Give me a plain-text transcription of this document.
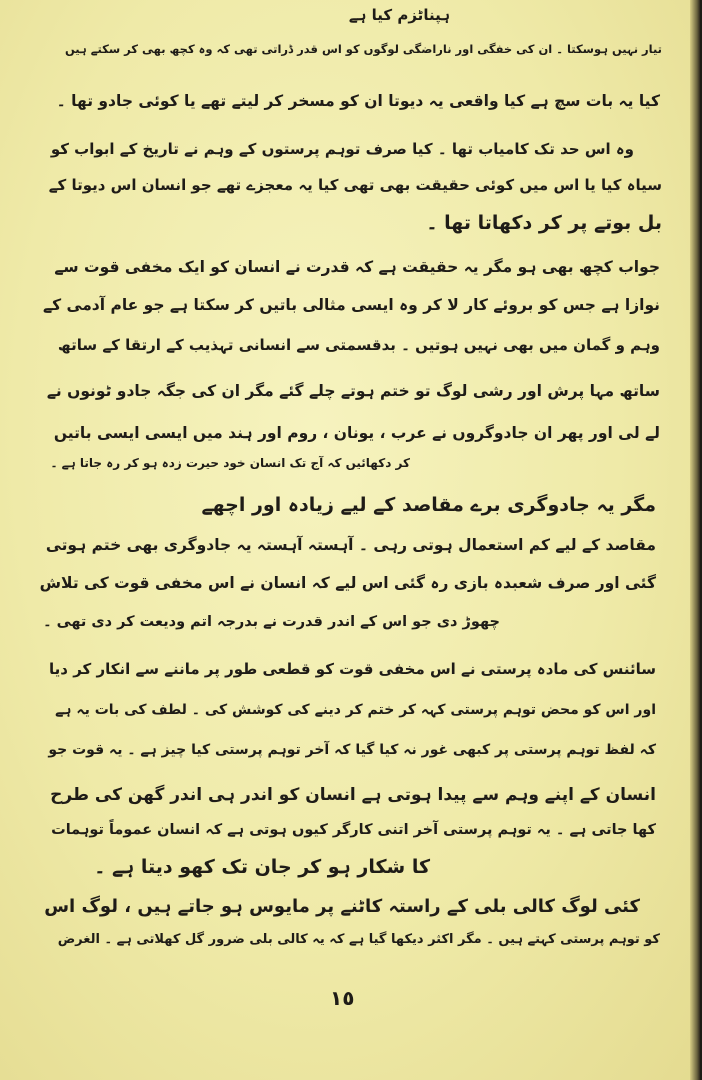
ہپناٹزم کیا ہے
تیار نہیں ہوسکتا ۔ ان کی خفگی اور ناراضگی لوگوں کو اس قدر ڈراتی تھی کہ وہ کچھ بھی کر سکتے ہیں
کیا یہ بات سچ ہے کیا واقعی یہ دیوتا ان کو مسخر کر لیتے تھے یا کوئی جادو تھا ۔
وہ اس حد تک کامیاب تھا ۔ کیا صرف توہم پرستوں کے وہم نے تاریخ کے ابواب کو
سیاہ کیا یا اس میں کوئی حقیقت بھی تھی کیا یہ معجزے تھے جو انسان اس دیوتا کے
بل بوتے پر کر دکھاتا تھا ۔
جواب کچھ بھی ہو مگر یہ حقیقت ہے کہ قدرت نے انسان کو ایک مخفی قوت سے
نوازا ہے جس کو بروئے کار لا کر وہ ایسی مثالی باتیں کر سکتا ہے جو عام آدمی کے
وہم و گمان میں بھی نہیں ہوتیں ۔ بدقسمتی سے انسانی تہذیب کے ارتقا کے ساتھ
ساتھ مہا پرش اور رشی لوگ تو ختم ہوتے چلے گئے مگر ان کی جگہ جادو ٹونوں نے
لے لی اور پھر ان جادوگروں نے عرب ، یونان ، روم اور ہند میں ایسی ایسی باتیں
کر دکھائیں کہ آج تک انسان خود حیرت زدہ ہو کر رہ جاتا ہے ۔
مگر یہ جادوگری برے مقاصد کے لیے زیادہ اور اچھے
مقاصد کے لیے کم استعمال ہوتی رہی ۔ آہستہ آہستہ یہ جادوگری بھی ختم ہوتی
گئی اور صرف شعبدہ بازی رہ گئی اس لیے کہ انسان نے اس مخفی قوت کی تلاش
چھوڑ دی جو اس کے اندر قدرت نے بدرجہ اتم ودیعت کر دی تھی ۔
سائنس کی مادہ پرستی نے اس مخفی قوت کو قطعی طور پر ماننے سے انکار کر دیا
اور اس کو محض توہم پرستی کہہ کر ختم کر دینے کی کوشش کی ۔ لطف کی بات یہ ہے
کہ لفظ توہم پرستی پر کبھی غور نہ کیا گیا کہ آخر توہم پرستی کیا چیز ہے ۔ یہ قوت جو
انسان کے اپنے وہم سے پیدا ہوتی ہے انسان کو اندر ہی اندر گھن کی طرح
کھا جاتی ہے ۔ یہ توہم پرستی آخر اتنی کارگر کیوں ہوتی ہے کہ انسان عموماً توہمات
کا شکار ہو کر جان تک کھو دیتا ہے ۔
کئی لوگ کالی بلی کے راستہ کاٹنے پر مایوس ہو جاتے ہیں ، لوگ اس
کو توہم پرستی کہتے ہیں ۔ مگر اکثر دیکھا گیا ہے کہ یہ کالی بلی ضرور گل کھلاتی ہے ۔ الغرض
١٥
